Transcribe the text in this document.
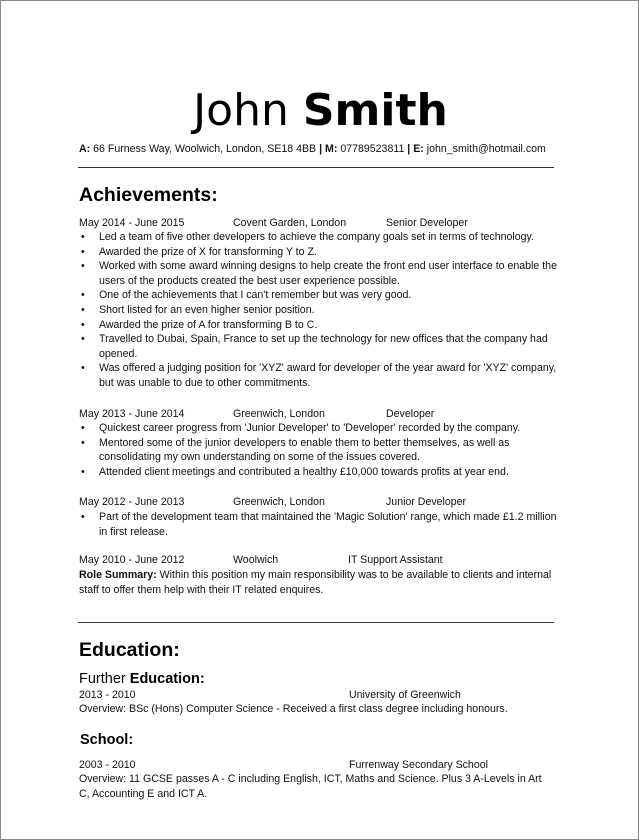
John Smith
A: 66 Furness Way, Woolwich, London, SE18 4BB | M: 07789523811 | E: john_smith@hotmail.com
Achievements:
May 2014 - June 2015	Covent Garden, London	Senior Developer
• Led a team of five other developers to achieve the company goals set in terms of technology.
• Awarded the prize of X for transforming Y to Z.
• Worked with some award winning designs to help create the front end user interface to enable the users of the products created the best user experience possible.
• One of the achievements that I can't remember but was very good.
• Short listed for an even higher senior position.
• Awarded the prize of A for transforming B to C.
• Travelled to Dubai, Spain, France to set up the technology for new offices that the company had opened.
• Was offered a judging position for 'XYZ' award for developer of the year award for 'XYZ' company, but was unable to due to other commitments.
May 2013 - June 2014	Greenwich, London	Developer
• Quickest career progress from 'Junior Developer' to 'Developer' recorded by the company.
• Mentored some of the junior developers to enable them to better themselves, as well as consolidating my own understanding on some of the issues covered.
• Attended client meetings and contributed a healthy £10,000 towards profits at year end.
May 2012 - June 2013	Greenwich, London	Junior Developer
• Part of the development team that maintained the 'Magic Solution' range, which made £1.2 million in first release.
May 2010 - June 2012	Woolwich	IT Support Assistant
Role Summary: Within this position my main responsibility was to be available to clients and internal staff to offer them help with their IT related enquires.
Education:
Further Education:
2013 - 2010	University of Greenwich
Overview: BSc (Hons) Computer Science - Received a first class degree including honours.
School:
2003 - 2010	Furrenway Secondary School
Overview: 11 GCSE passes A - C including English, ICT, Maths and Science. Plus 3 A-Levels in Art C, Accounting E and ICT A.
